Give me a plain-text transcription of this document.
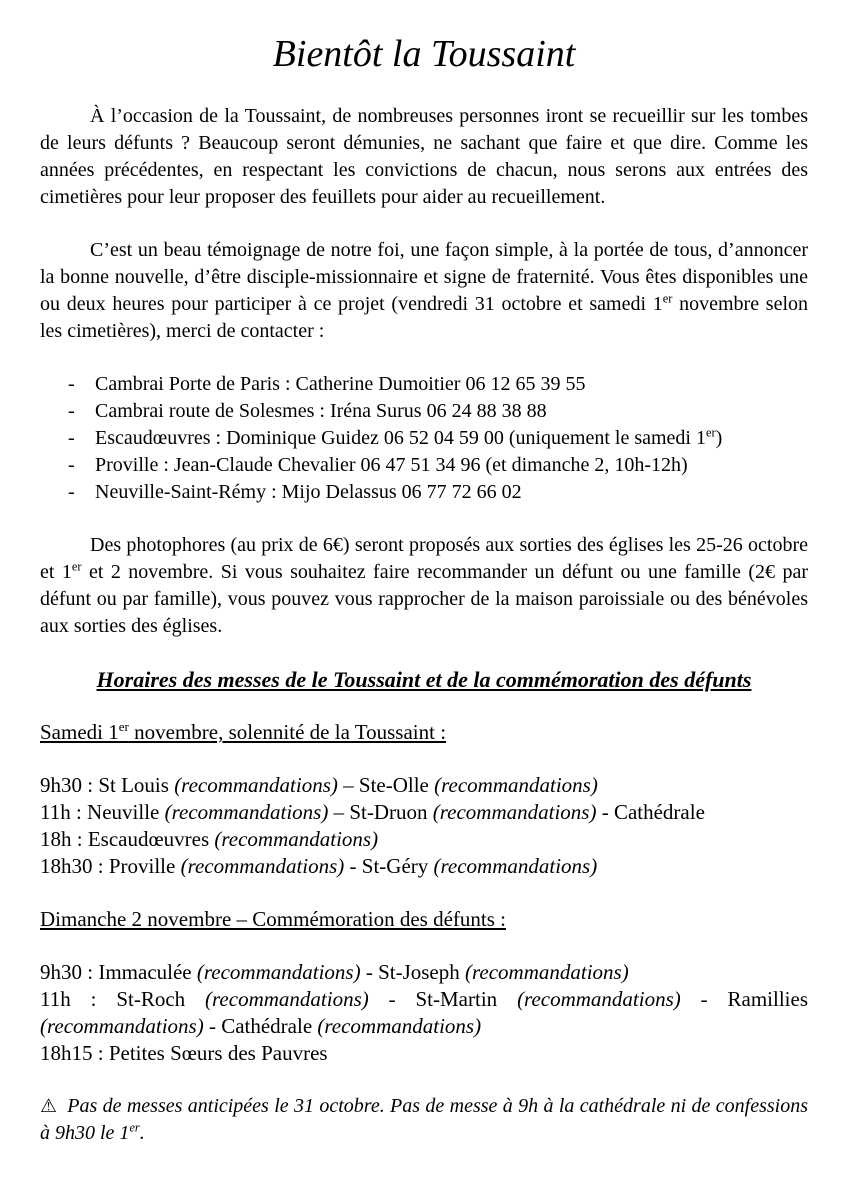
Bientôt la Toussaint

À l’occasion de la Toussaint, de nombreuses personnes iront se recueillir sur les tombes de leurs défunts ? Beaucoup seront démunies, ne sachant que faire et que dire. Comme les années précédentes, en respectant les convictions de chacun, nous serons aux entrées des cimetières pour leur proposer des feuillets pour aider au recueillement.

C’est un beau témoignage de notre foi, une façon simple, à la portée de tous, d’annoncer la bonne nouvelle, d’être disciple-missionnaire et signe de fraternité. Vous êtes disponibles une ou deux heures pour participer à ce projet (vendredi 31 octobre et samedi 1er novembre selon les cimetières), merci de contacter :

- Cambrai Porte de Paris : Catherine Dumoitier 06 12 65 39 55
- Cambrai route de Solesmes : Iréna Surus 06 24 88 38 88
- Escaudœuvres : Dominique Guidez 06 52 04 59 00 (uniquement le samedi 1er)
- Proville : Jean-Claude Chevalier 06 47 51 34 96 (et dimanche 2, 10h-12h)
- Neuville-Saint-Rémy : Mijo Delassus 06 77 72 66 02

Des photophores (au prix de 6€) seront proposés aux sorties des églises les 25-26 octobre et 1er et 2 novembre. Si vous souhaitez faire recommander un défunt ou une famille (2€ par défunt ou par famille), vous pouvez vous rapprocher de la maison paroissiale ou des bénévoles aux sorties des églises.

Horaires des messes de le Toussaint et de la commémoration des défunts
Samedi 1er novembre, solennité de la Toussaint :

9h30 : St Louis (recommandations) – Ste-Olle (recommandations)

11h : Neuville (recommandations) – St-Druon (recommandations) - Cathédrale

18h : Escaudœuvres (recommandations)

18h30 : Proville (recommandations) - St-Géry (recommandations)

Dimanche 2 novembre – Commémoration des défunts :

9h30 : Immaculée (recommandations) - St-Joseph (recommandations)

11h : St-Roch (recommandations) - St-Martin (recommandations) - Ramillies (recommandations) - Cathédrale (recommandations)

18h15 : Petites Sœurs des Pauvres

⚠ Pas de messes anticipées le 31 octobre. Pas de messe à 9h à la cathédrale ni de confessions à 9h30 le 1er.
